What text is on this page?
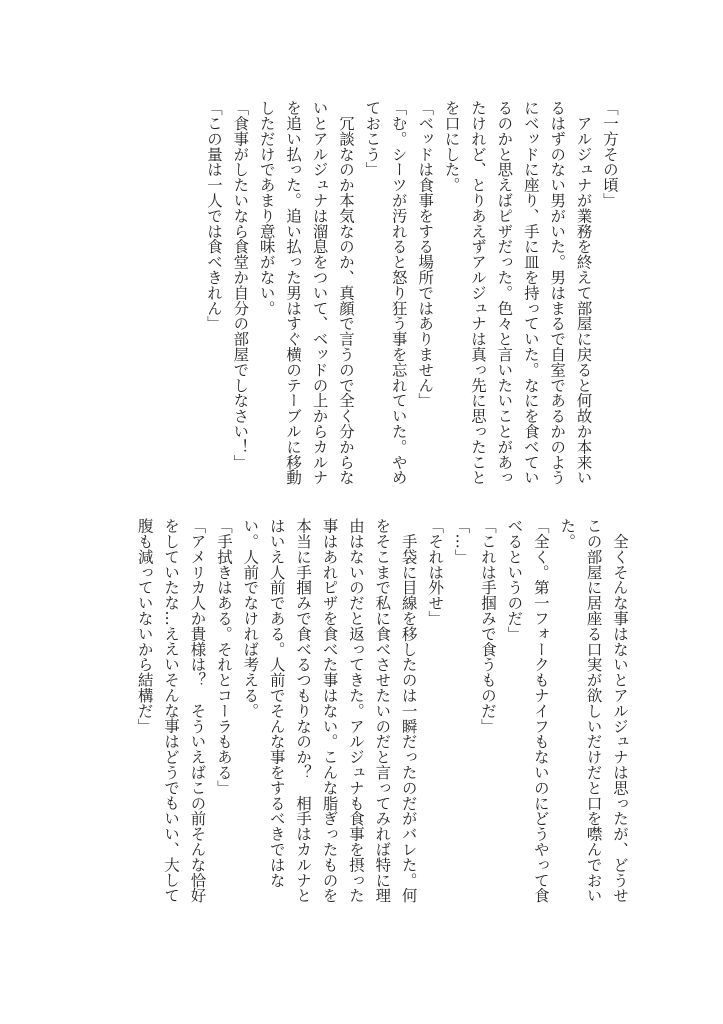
「一方その頃」
　アルジュナが業務を終えて部屋に戻ると何故か本来い
るはずのない男がいた。男はまるで自室であるかのよう
にベッドに座り、手に皿を持っていた。なにを食べてい
るのかと思えばピザだった。色々と言いたいことがあっ
たけれど、とりあえずアルジュナは真っ先に思ったこと
を口にした。
「ベッドは食事をする場所ではありません」
「む。シーツが汚れると怒り狂う事を忘れていた。やめ
ておこう」
　冗談なのか本気なのか、真顔で言うので全く分からな
いとアルジュナは溜息をついて、ベッドの上からカルナ
を追い払った。追い払った男はすぐ横のテーブルに移動
しただけであまり意味がない。
「食事がしたいなら食堂か自分の部屋でしなさい！」
「この量は一人では食べきれん」
　全くそんな事はないとアルジュナは思ったが、どうせ
この部屋に居座る口実が欲しいだけだと口を噤んでおい
た。
「全く。第一フォークもナイフもないのにどうやって食
べるというのだ」
「これは手掴みで食うものだ」
「…」
「それは外せ」
　手袋に目線を移したのは一瞬だったのだがバレた。何
をそこまで私に食べさせたいのだと言ってみれば特に理
由はないのだと返ってきた。アルジュナも食事を摂った
事はあれピザを食べた事はない。こんな脂ぎったものを
本当に手掴みで食べるつもりなのか？　相手はカルナと
はいえ人前である。人前でそんな事をするべきではな
い。人前でなければ考える。
「手拭きはある。それとコーラもある」
「アメリカ人か貴様は？　そういえばこの前そんな恰好
をしていたな…ええいそんな事はどうでもいい、大して
腹も減っていないから結構だ」
